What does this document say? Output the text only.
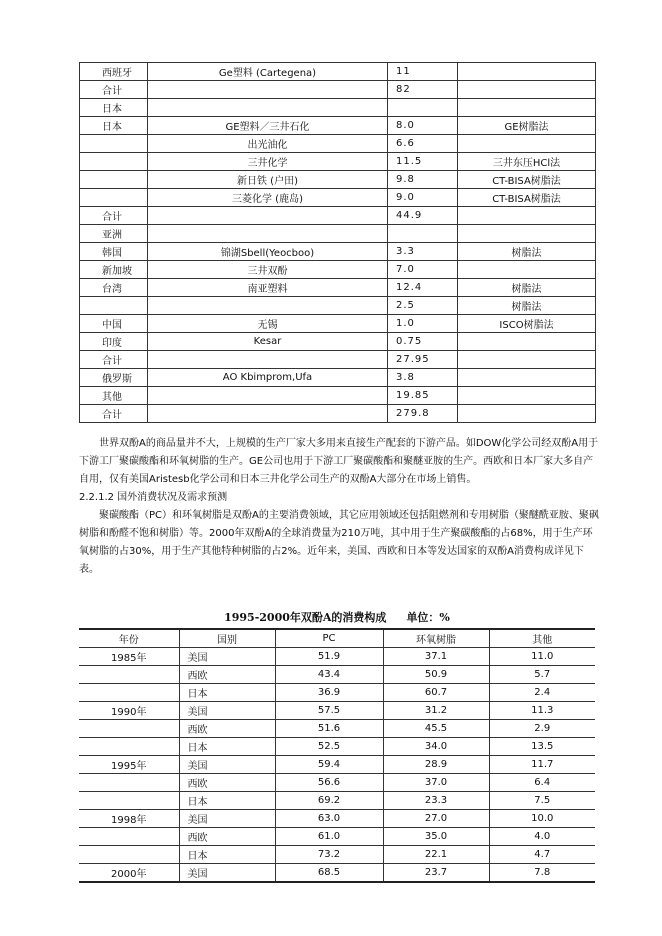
西班牙	Ge塑料 (Cartegena)	11	
合计		82	
日本			
日本	GE塑料／三井石化	8.0	GE树脂法
	出光油化	6.6	
	三井化学	11.5	三井东压HCl法
	新日铁 (户田)	9.8	CT-BISA树脂法
	三菱化学 (鹿岛)	9.0	CT-BISA树脂法
合计		44.9	
亚洲			
韩国	锦湖Sbell(Yeocboo)	3.3	树脂法
新加坡	三井双酚	7.0	
台湾	南亚塑料	12.4	树脂法
		2.5	树脂法
中国	无锡	1.0	ISCO树脂法
印度	Kesar	0.75	
合计		27.95	
俄罗斯	AO Kbimprom,Ufa	3.8	
其他		19.85	
合计		279.8	

世界双酚A的商品量并不大，上规模的生产厂家大多用来直接生产配套的下游产品。如DOW化学公司经双酚A用于下游工厂聚碳酸酯和环氧树脂的生产。GE公司也用于下游工厂聚碳酸酯和聚醚亚胺的生产。西欧和日本厂家大多自产自用，仅有美国Aristesb化学公司和日本三井化学公司生产的双酚A大部分在市场上销售。

2.2.1.2 国外消费状况及需求预测

聚碳酸酯（PC）和环氧树脂是双酚A的主要消费领域，其它应用领域还包括阻燃剂和专用树脂（聚醚酰亚胺、聚砜树脂和酚醛不饱和树脂）等。2000年双酚A的全球消费量为210万吨，其中用于生产聚碳酸酯的占68%，用于生产环氧树脂的占30%，用于生产其他特种树脂的占2%。近年来，美国、西欧和日本等发达国家的双酚A消费构成详见下表。

1995-2000年双酚A的消费构成 单位：%
年份	国别	PC	环氧树脂	其他
1985年	美国	51.9	37.1	11.0
	西欧	43.4	50.9	5.7
	日本	36.9	60.7	2.4
1990年	美国	57.5	31.2	11.3
	西欧	51.6	45.5	2.9
	日本	52.5	34.0	13.5
1995年	美国	59.4	28.9	11.7
	西欧	56.6	37.0	6.4
	日本	69.2	23.3	7.5
1998年	美国	63.0	27.0	10.0
	西欧	61.0	35.0	4.0
	日本	73.2	22.1	4.7
2000年	美国	68.5	23.7	7.8
